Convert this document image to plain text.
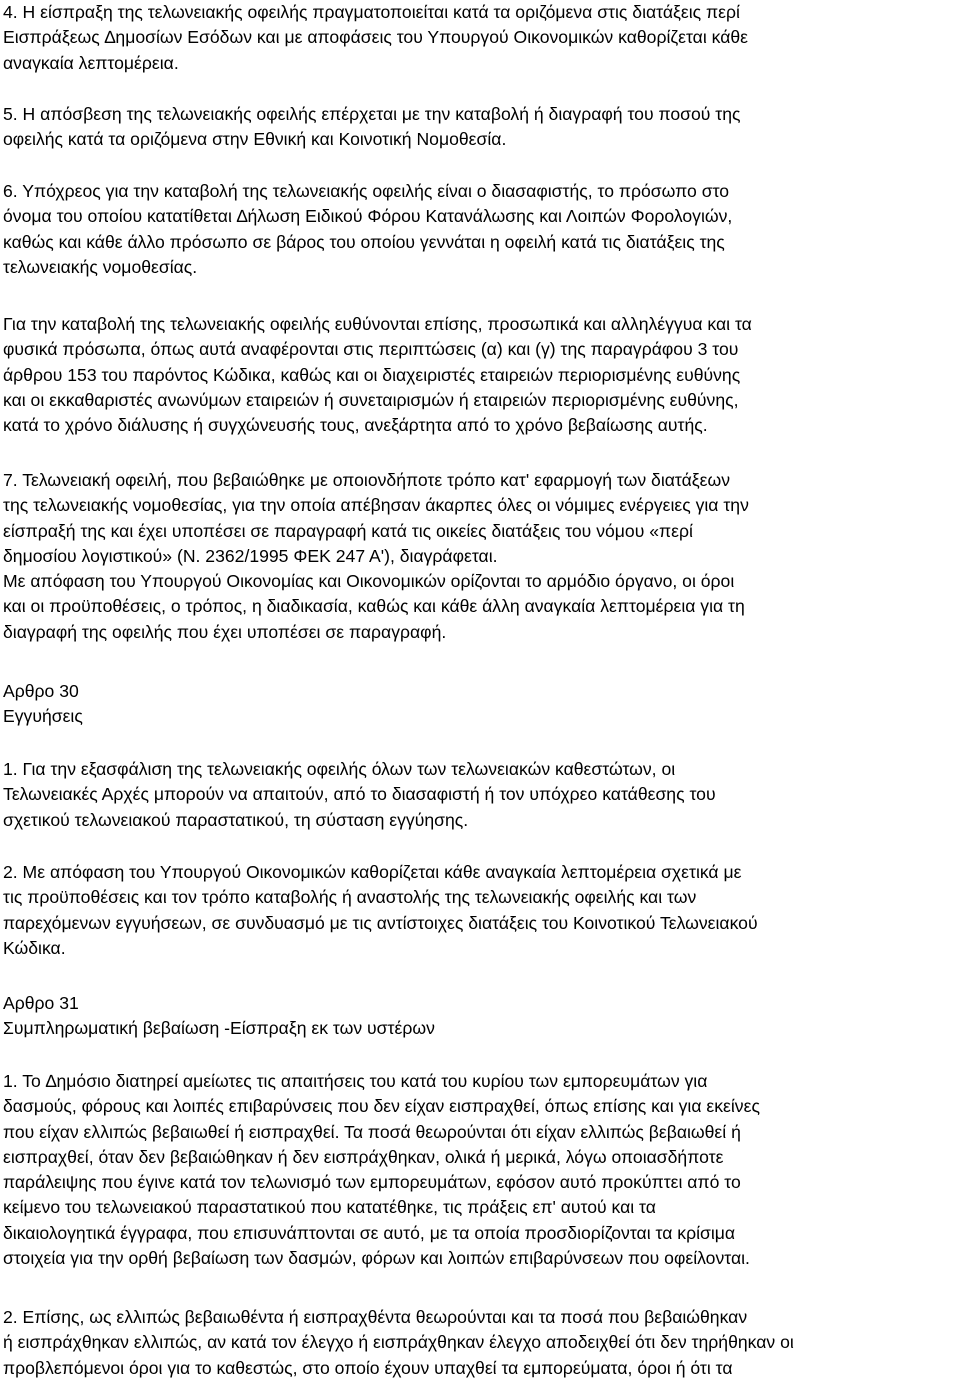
4. Η είσπραξη της τελωνειακής οφειλής πραγματοποιείται κατά τα οριζόμενα στις διατάξεις περί
Εισπράξεως ∆ημοσίων Εσόδων και με αποφάσεις του Υπουργού Οικονομικών καθορίζεται κάθε
αναγκαία λεπτομέρεια.
5. Η απόσβεση της τελωνειακής οφειλής επέρχεται με την καταβολή ή διαγραφή του ποσού της
οφειλής κατά τα οριζόμενα στην Εθνική και Κοινοτική Νομοθεσία.
6. Υπόχρεος για την καταβολή της τελωνειακής οφειλής είναι ο διασαφιστής, το πρόσωπο στο
όνομα του οποίου κατατίθεται ∆ήλωση Ειδικού Φόρου Κατανάλωσης και Λοιπών Φορολογιών,
καθώς και κάθε άλλο πρόσωπο σε βάρος του οποίου γεννάται η οφειλή κατά τις διατάξεις της
τελωνειακής νομοθεσίας.
Για την καταβολή της τελωνειακής οφειλής ευθύνονται επίσης, προσωπικά και αλληλέγγυα και τα
φυσικά πρόσωπα, όπως αυτά αναφέρονται στις περιπτώσεις (α) και (γ) της παραγράφου 3 του
άρθρου 153 του παρόντος Κώδικα, καθώς και οι διαχειριστές εταιρειών περιορισμένης ευθύνης
και οι εκκαθαριστές ανωνύμων εταιρειών ή συνεταιρισμών ή εταιρειών περιορισμένης ευθύνης,
κατά το χρόνο διάλυσης ή συγχώνευσής τους, ανεξάρτητα από το χρόνο βεβαίωσης αυτής.
7. Τελωνειακή οφειλή, που βεβαιώθηκε με οποιονδήποτε τρόπο κατ' εφαρμογή των διατάξεων
της τελωνειακής νομοθεσίας, για την οποία απέβησαν άκαρπες όλες οι νόμιμες ενέργειες για την
είσπραξή της και έχει υποπέσει σε παραγραφή κατά τις οικείες διατάξεις του νόμου «περί
δημοσίου λογιστικού» (Ν. 2362/1995 ΦΕΚ 247 Α'), διαγράφεται.
Με απόφαση του Υπουργού Οικονομίας και Οικονομικών ορίζονται το αρμόδιο όργανο, οι όροι
και οι προϋποθέσεις, ο τρόπος, η διαδικασία, καθώς και κάθε άλλη αναγκαία λεπτομέρεια για τη
διαγραφή της οφειλής που έχει υποπέσει σε παραγραφή.
Αρθρο 30
Εγγυήσεις
1. Για την εξασφάλιση της τελωνειακής οφειλής όλων των τελωνειακών καθεστώτων, οι
Τελωνειακές Αρχές μπορούν να απαιτούν, από το διασαφιστή ή τον υπόχρεο κατάθεσης του
σχετικού τελωνειακού παραστατικού, τη σύσταση εγγύησης.
2. Με απόφαση του Υπουργού Οικονομικών καθορίζεται κάθε αναγκαία λεπτομέρεια σχετικά με
τις προϋποθέσεις και τον τρόπο καταβολής ή αναστολής της τελωνειακής οφειλής και των
παρεχόμενων εγγυήσεων, σε συνδυασμό με τις αντίστοιχες διατάξεις του Κοινοτικού Τελωνειακού
Κώδικα.
Αρθρο 31
Συμπληρωματική βεβαίωση -Είσπραξη εκ των υστέρων
1. Το ∆ημόσιο διατηρεί αμείωτες τις απαιτήσεις του κατά του κυρίου των εμπορευμάτων για
δασμούς, φόρους και λοιπές επιβαρύνσεις που δεν είχαν εισπραχθεί, όπως επίσης και για εκείνες
που είχαν ελλιπώς βεβαιωθεί ή εισπραχθεί. Τα ποσά θεωρούνται ότι είχαν ελλιπώς βεβαιωθεί ή
εισπραχθεί, όταν δεν βεβαιώθηκαν ή δεν εισπράχθηκαν, ολικά ή μερικά, λόγω οποιασδήποτε
παράλειψης που έγινε κατά τον τελωνισμό των εμπορευμάτων, εφόσον αυτό προκύπτει από το
κείμενο του τελωνειακού παραστατικού που κατατέθηκε, τις πράξεις επ' αυτού και τα
δικαιολογητικά έγγραφα, που επισυνάπτονται σε αυτό, με τα οποία προσδιορίζονται τα κρίσιμα
στοιχεία για την ορθή βεβαίωση των δασμών, φόρων και λοιπών επιβαρύνσεων που οφείλονται.
2. Επίσης, ως ελλιπώς βεβαιωθέντα ή εισπραχθέντα θεωρούνται και τα ποσά που βεβαιώθηκαν
ή εισπράχθηκαν ελλιπώς, αν κατά τον έλεγχο ή εισπράχθηκαν έλεγχο αποδειχθεί ότι δεν τηρήθηκαν οι
προβλεπόμενοι όροι για το καθεστώς, στο οποίο έχουν υπαχθεί τα εμπορεύματα, όροι ή ότι τα
